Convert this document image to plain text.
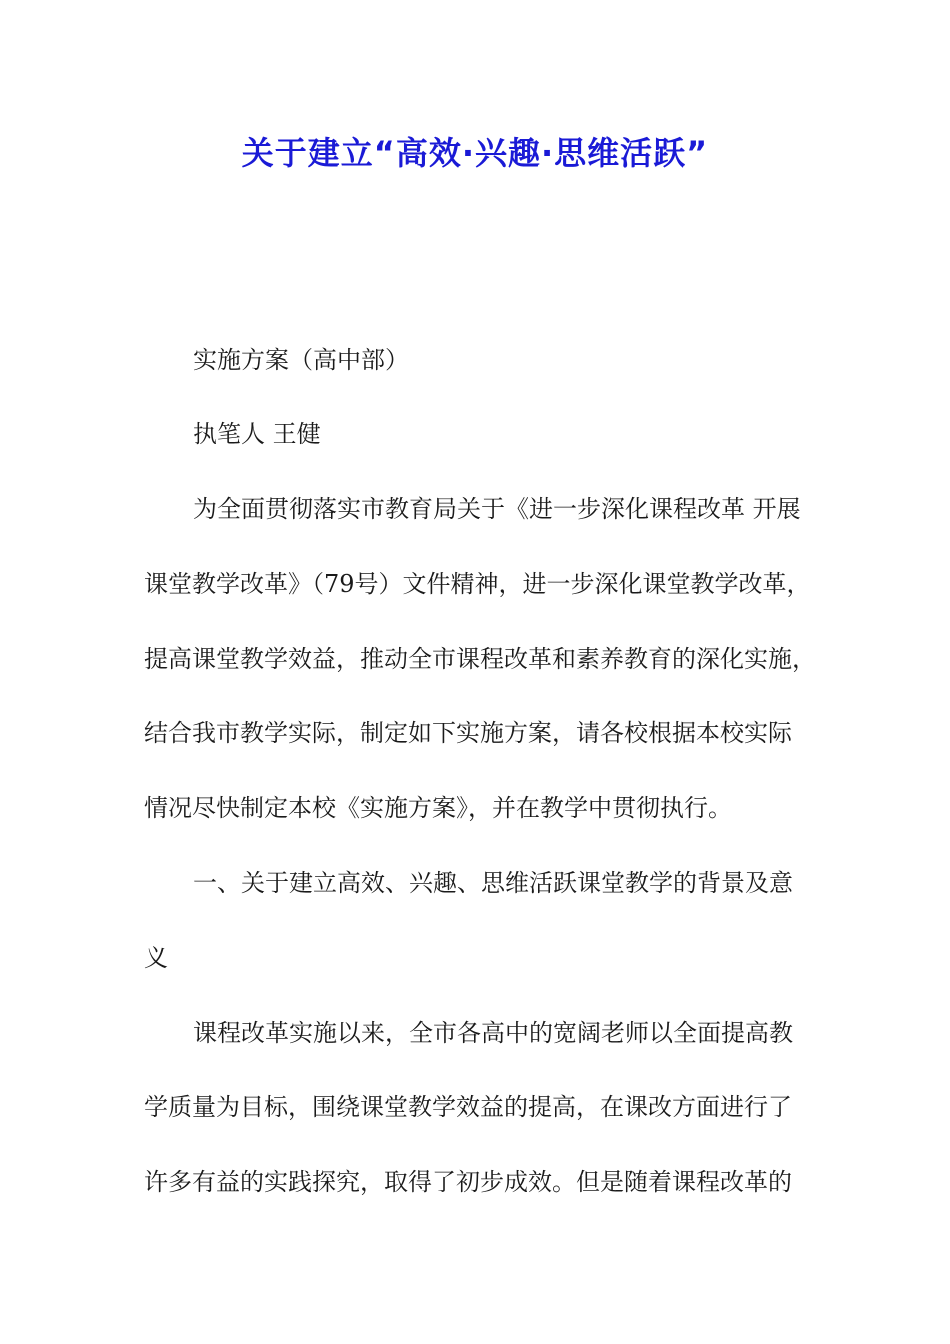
关于建立“高效·兴趣·思维活跃”
实施方案（高中部）
执笔人 王健
为全面贯彻落实市教育局关于《进一步深化课程改革 开展
课堂教学改革》（79号）文件精神，进一步深化课堂教学改革，
提高课堂教学效益，推动全市课程改革和素养教育的深化实施，
结合我市教学实际，制定如下实施方案，请各校根据本校实际
情况尽快制定本校《实施方案》，并在教学中贯彻执行。
一、关于建立高效、兴趣、思维活跃课堂教学的背景及意
义
课程改革实施以来，全市各高中的宽阔老师以全面提高教
学质量为目标，围绕课堂教学效益的提高，在课改方面进行了
许多有益的实践探究，取得了初步成效。但是随着课程改革的
